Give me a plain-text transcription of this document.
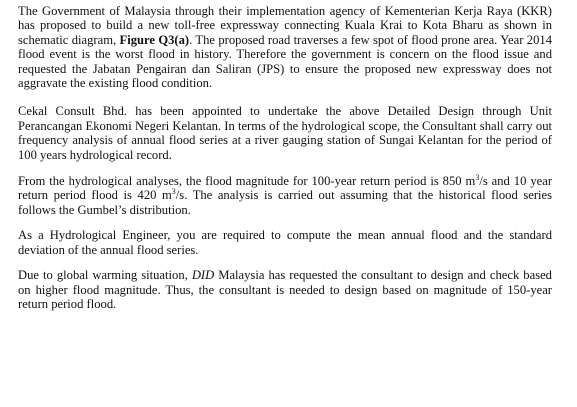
The Government of Malaysia through their implementation agency of Kementerian Kerja Raya (KKR) has proposed to build a new toll-free expressway connecting Kuala Krai to Kota Bharu as shown in schematic diagram, Figure Q3(a). The proposed road traverses a few spot of flood prone area. Year 2014 flood event is the worst flood in history. Therefore the government is concern on the flood issue and requested the Jabatan Pengairan dan Saliran (JPS) to ensure the proposed new expressway does not aggravate the existing flood condition.

Cekal Consult Bhd. has been appointed to undertake the above Detailed Design through Unit Perancangan Ekonomi Negeri Kelantan. In terms of the hydrological scope, the Consultant shall carry out frequency analysis of annual flood series at a river gauging station of Sungai Kelantan for the period of 100 years hydrological record.

From the hydrological analyses, the flood magnitude for 100-year return period is 850 $m^3/s$ and 10 year return period flood is 420 $m^3/s$. The analysis is carried out assuming that the historical flood series follows the Gumbel’s distribution.

As a Hydrological Engineer, you are required to compute the mean annual flood and the standard deviation of the annual flood series.

Due to global warming situation, DID Malaysia has requested the consultant to design and check based on higher flood magnitude. Thus, the consultant is needed to design based on magnitude of 150-year return period flood.
